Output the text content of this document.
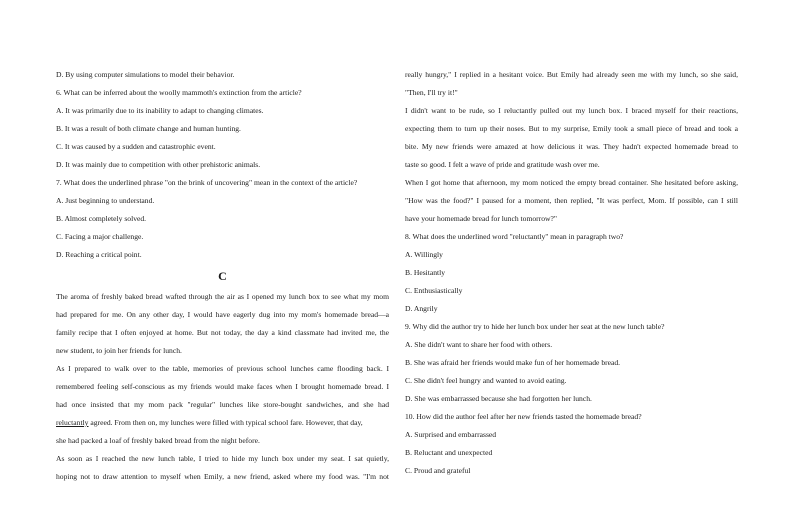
D. By using computer simulations to model their behavior.
6. What can be inferred about the woolly mammoth's extinction from the article?
A. It was primarily due to its inability to adapt to changing climates.
B. It was a result of both climate change and human hunting.
C. It was caused by a sudden and catastrophic event.
D. It was mainly due to competition with other prehistoric animals.
7. What does the underlined phrase "on the brink of uncovering" mean in the context of the article?
A. Just beginning to understand.
B. Almost completely solved.
C. Facing a major challenge.
D. Reaching a critical point.
C
The aroma of freshly baked bread wafted through the air as I opened my lunch box to see what my mom
had prepared for me. On any other day, I would have eagerly dug into my mom's homemade bread—a
family recipe that I often enjoyed at home. But not today, the day a kind classmate had invited me, the
new student, to join her friends for lunch.
As I prepared to walk over to the table, memories of previous school lunches came flooding back. I
remembered feeling self-conscious as my friends would make faces when I brought homemade bread. I
had once insisted that my mom pack "regular" lunches like store-bought sandwiches, and she had
reluctantly agreed. From then on, my lunches were filled with typical school fare. However, that day,
she had packed a loaf of freshly baked bread from the night before.
As soon as I reached the new lunch table, I tried to hide my lunch box under my seat. I sat quietly,
hoping not to draw attention to myself when Emily, a new friend, asked where my food was. "I'm not
really hungry," I replied in a hesitant voice. But Emily had already seen me with my lunch, so she said,
"Then, I'll try it!"
I didn't want to be rude, so I reluctantly pulled out my lunch box. I braced myself for their reactions,
expecting them to turn up their noses. But to my surprise, Emily took a small piece of bread and took a
bite. My new friends were amazed at how delicious it was. They hadn't expected homemade bread to
taste so good. I felt a wave of pride and gratitude wash over me.
When I got home that afternoon, my mom noticed the empty bread container. She hesitated before asking,
"How was the food?" I paused for a moment, then replied, "It was perfect, Mom. If possible, can I still
have your homemade bread for lunch tomorrow?"
8. What does the underlined word "reluctantly" mean in paragraph two?
A. Willingly
B. Hesitantly
C. Enthusiastically
D. Angrily
9. Why did the author try to hide her lunch box under her seat at the new lunch table?
A. She didn't want to share her food with others.
B. She was afraid her friends would make fun of her homemade bread.
C. She didn't feel hungry and wanted to avoid eating.
D. She was embarrassed because she had forgotten her lunch.
10. How did the author feel after her new friends tasted the homemade bread?
A. Surprised and embarrassed
B. Reluctant and unexpected
C. Proud and grateful
